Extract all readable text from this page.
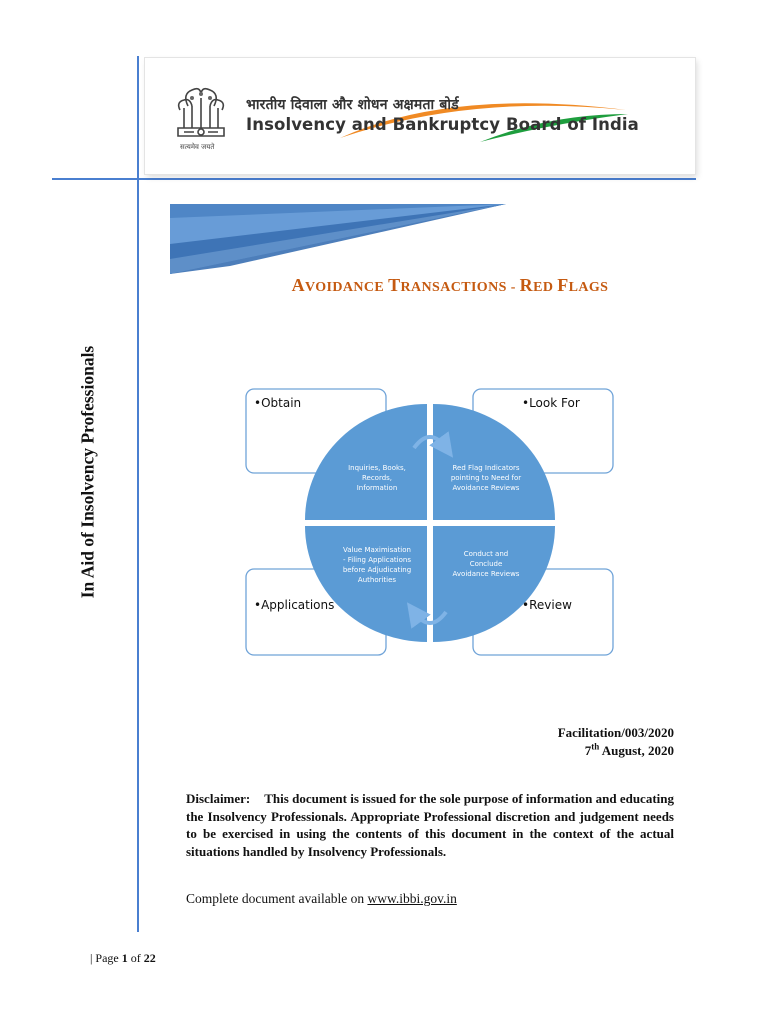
सत्यमेव जयते
भारतीय दिवाला और शोधन अक्षमता बोर्ड
Insolvency and Bankruptcy Board of India
AVOIDANCE TRANSACTIONS - RED FLAGS
In Aid of Insolvency Professionals	•Obtain	•Look For
•Applications	•Review
Inquiries, Books,
Records,
Information
Red Flag Indicators
pointing to Need for
Avoidance Reviews
Value Maximisation
- Filing Applications
before Adjudicating
Authorities
Conduct and
Conclude
Avoidance Reviews
Facilitation/003/2020
7th August, 2020
Disclaimer: This document is issued for the sole purpose of information and educating the Insolvency Professionals. Appropriate Professional discretion and judgement needs to be exercised in using the contents of this document in the context of the actual situations handled by Insolvency Professionals.
Complete document available on www.ibbi.gov.in
| Page 1 of 22
